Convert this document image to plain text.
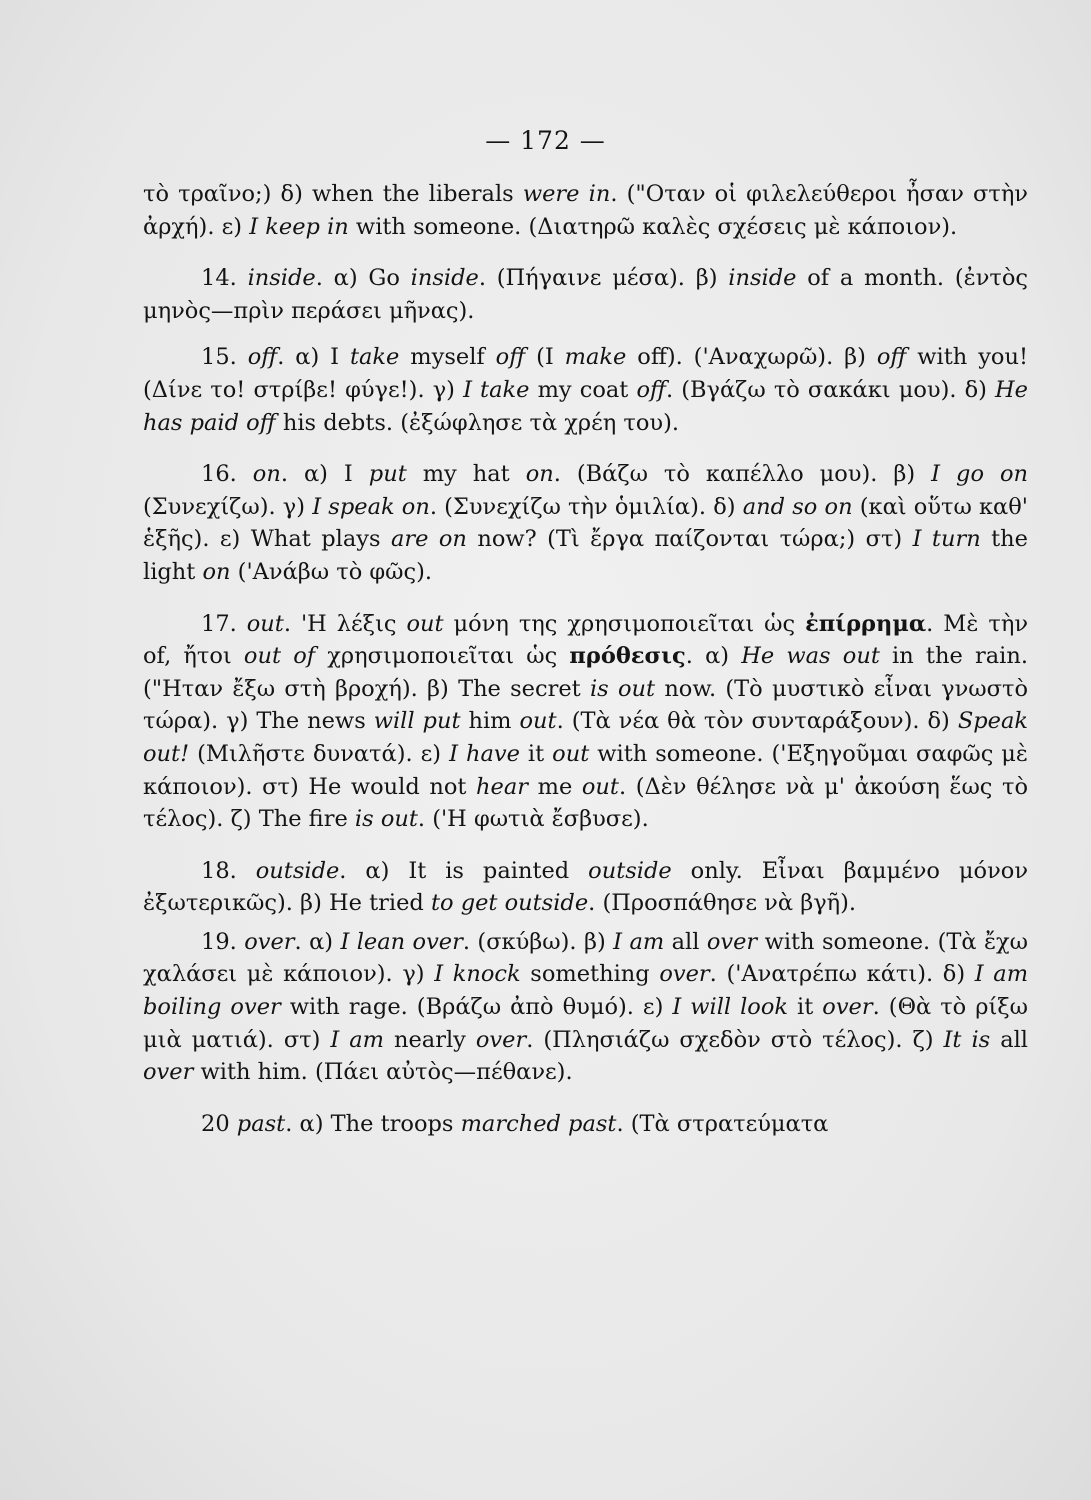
— 172 —

τὸ τραῖνο;) δ) when the liberals were in. ("Οταν οἱ φιλελεύθεροι ἦσαν στὴν ἀρχή). ε) I keep in with someone. (Διατηρῶ καλὲς σχέσεις μὲ κάποιον).

14. inside. α) Go inside. (Πήγαινε μέσα). β) inside of a month. (ἐντὸς μηνὸς—πρὶν περάσει μῆνας).

15. off. α) I take myself off (I make off). ('Αναχωρῶ). β) off with you! (Δίνε το! στρίβε! φύγε!). γ) I take my coat off. (Βγάζω τὸ σακάκι μου). δ) He has paid off his debts. (ἐξώφλησε τὰ χρέη του).

16. on. α) I put my hat on. (Βάζω τὸ καπέλλο μου). β) I go on (Συνεχίζω). γ) I speak on. (Συνεχίζω τὴν ὁμιλία). δ) and so on (καὶ οὕτω καθ' ἑξῆς). ε) What plays are on now? (Τὶ ἔργα παίζονται τώρα;) στ) I turn the light on ('Ανάβω τὸ φῶς).

17. out. 'Η λέξις out μόνη της χρησιμοποιεῖται ὡς ἐπίρρημα. Μὲ τὴν of, ἤτοι out of χρησιμοποιεῖται ὡς πρόθεσις. α) He was out in the rain. ("Ηταν ἔξω στὴ βροχή). β) The secret is out now. (Τὸ μυστικὸ εἶναι γνωστὸ τώρα). γ) The news will put him out. (Τὰ νέα θὰ τὸν συνταράξουν). δ) Speak out! (Μιλῆστε δυνατά). ε) I have it out with someone. ('Εξηγοῦμαι σαφῶς μὲ κάποιον). στ) He would not hear me out. (Δὲν θέλησε νὰ μ' ἀκούση ἕως τὸ τέλος). ζ) The fire is out. ('Η φωτιὰ ἔσβυσε).

18. outside. α) It is painted outside only. Εἶναι βαμμένο μόνον ἐξωτερικῶς). β) He tried to get outside. (Προσπάθησε νὰ βγῆ).

19. over. α) I lean over. (σκύβω). β) I am all over with someone. (Τὰ ἔχω χαλάσει μὲ κάποιον). γ) I knock something over. ('Ανατρέπω κάτι). δ) I am boiling over with rage. (Βράζω ἀπὸ θυμό). ε) I will look it over. (Θὰ τὸ ρίξω μιὰ ματιά). στ) I am nearly over. (Πλησιάζω σχεδὸν στὸ τέλος). ζ) It is all over with him. (Πάει αὐτὸς—πέθανε).

20 past. α) The troops marched past. (Τὰ στρατεύματα
